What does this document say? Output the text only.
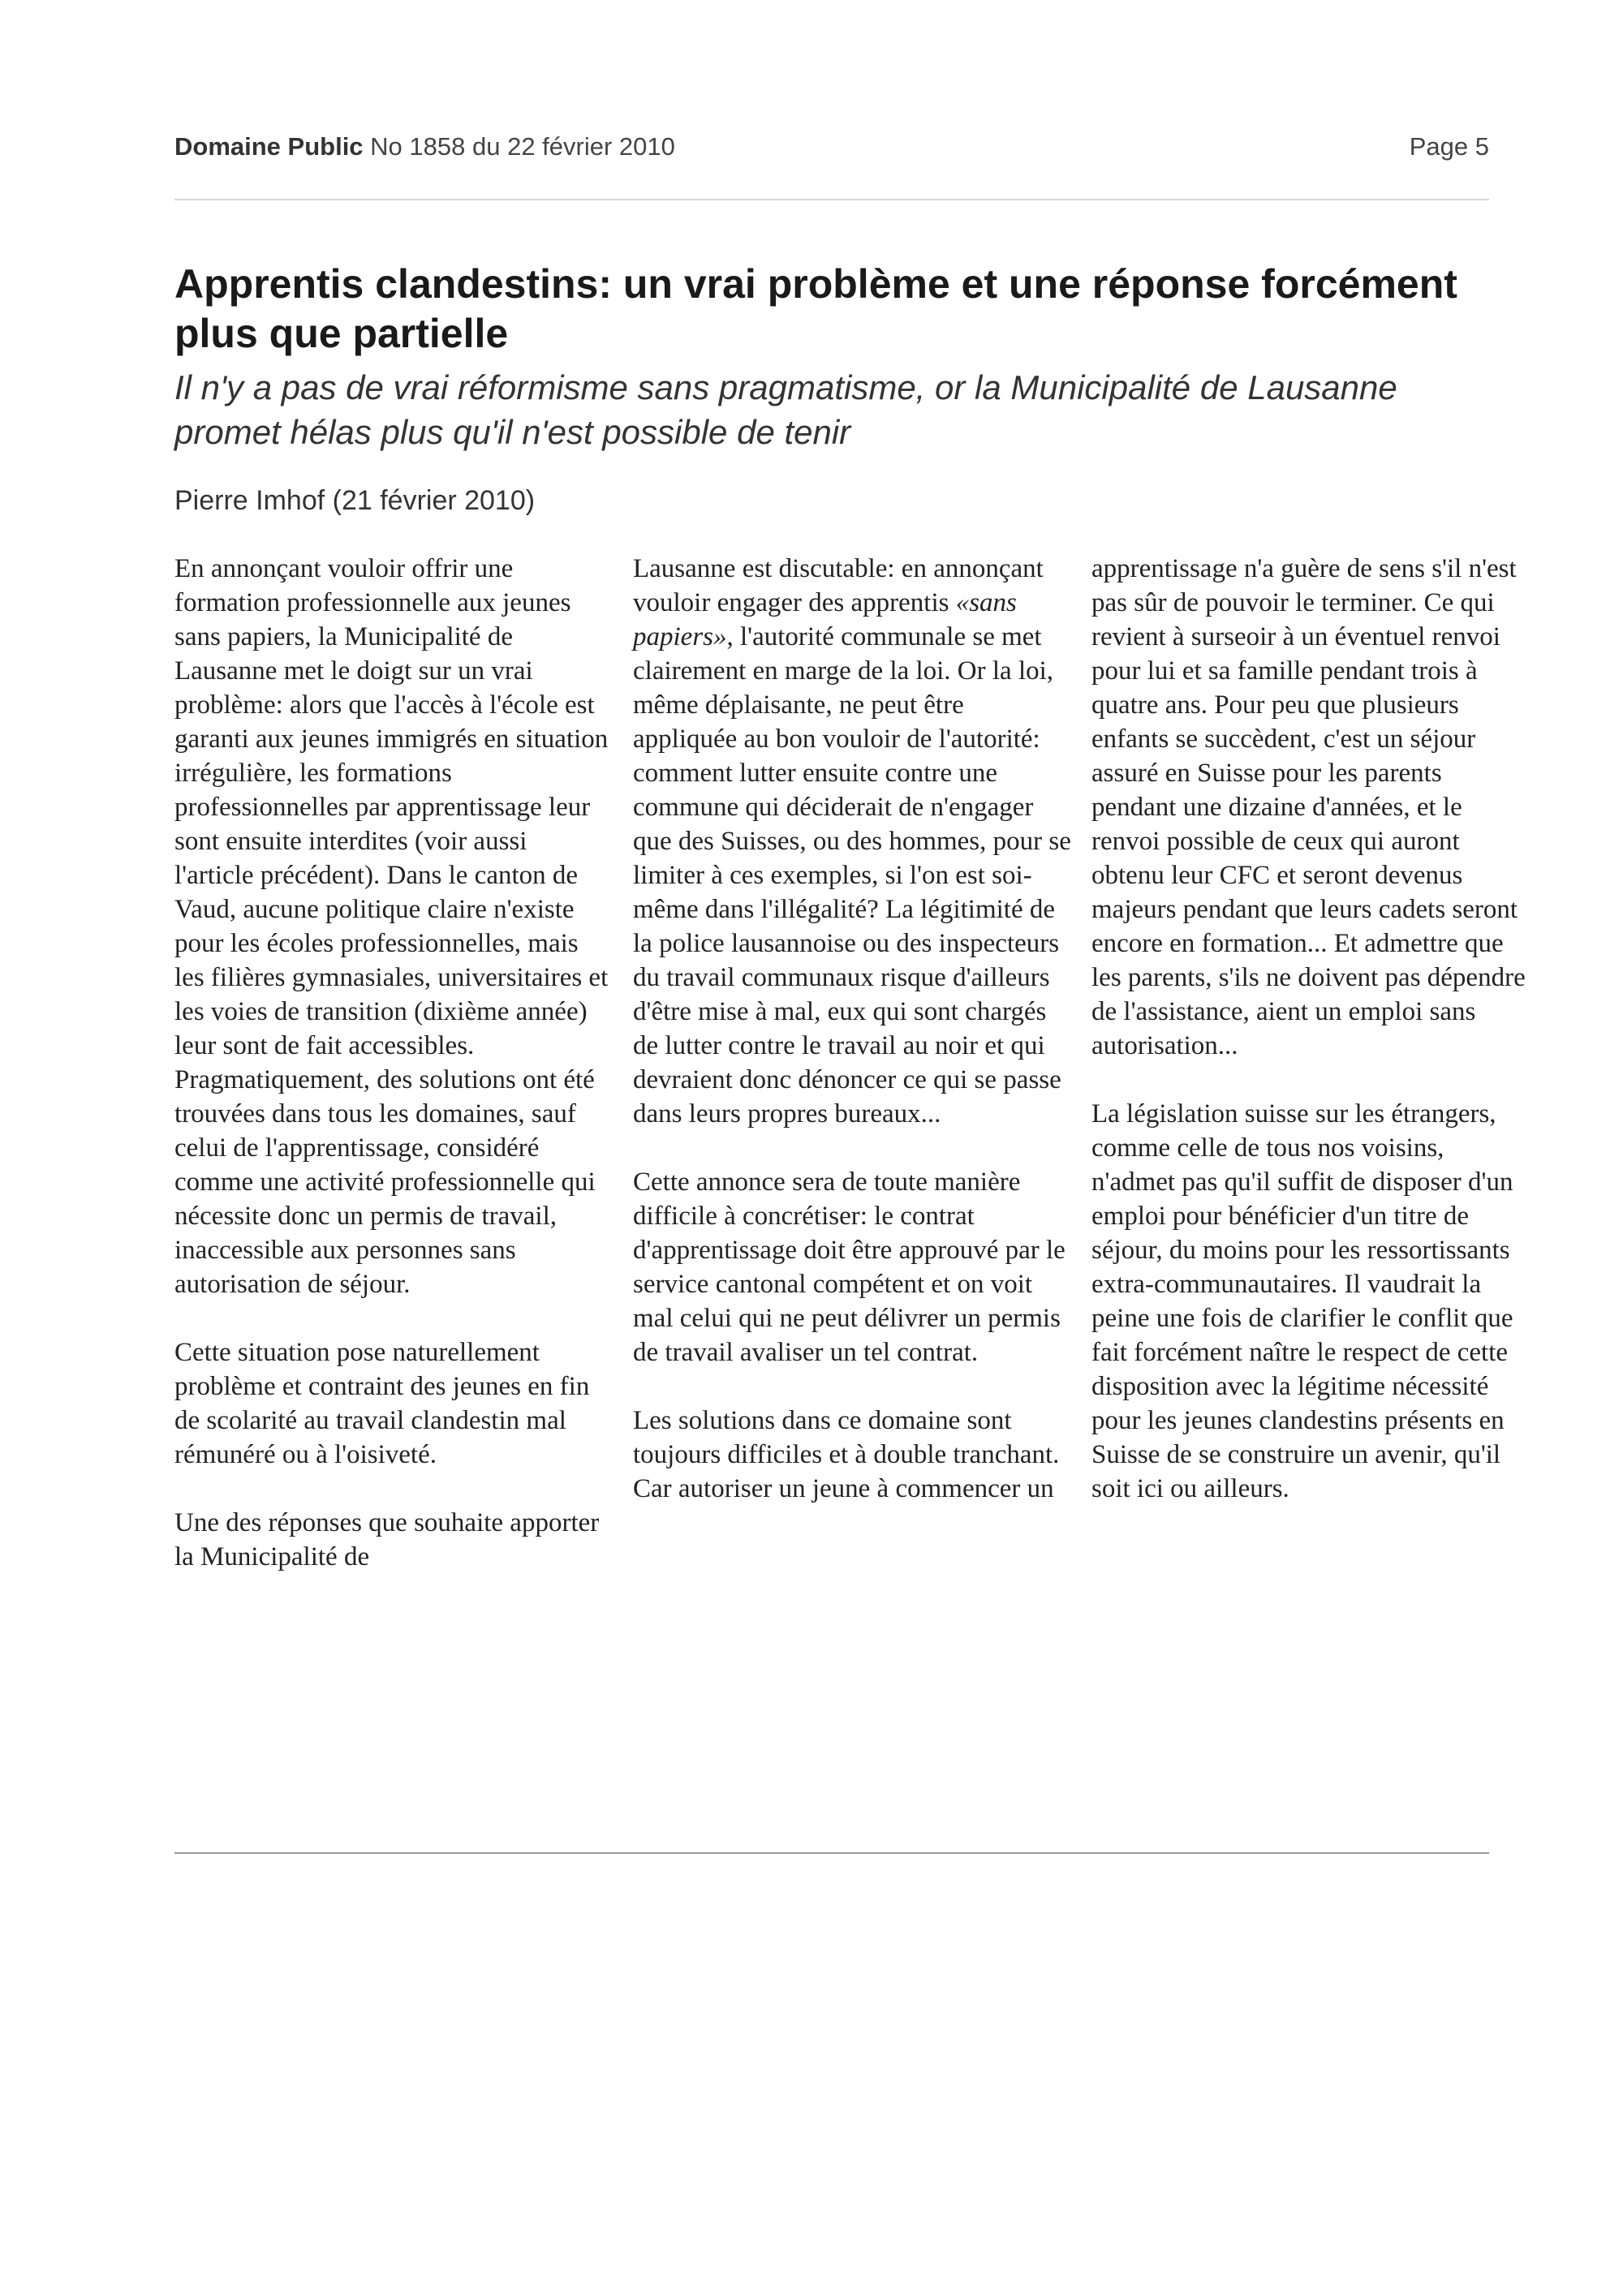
Domaine Public No 1858 du 22 février 2010	Page 5
Apprentis clandestins: un vrai problème et une réponse forcément plus que partielle

Il n'y a pas de vrai réformisme sans pragmatisme, or la Municipalité de Lausanne promet hélas plus qu'il n'est possible de tenir

Pierre Imhof (21 février 2010)

En annonçant vouloir offrir une formation professionnelle aux jeunes sans papiers, la Municipalité de Lausanne met le doigt sur un vrai problème: alors que l'accès à l'école est garanti aux jeunes immigrés en situation irrégulière, les formations professionnelles par apprentissage leur sont ensuite interdites (voir aussi l'article précédent). Dans le canton de Vaud, aucune politique claire n'existe pour les écoles professionnelles, mais les filières gymnasiales, universitaires et les voies de transition (dixième année) leur sont de fait accessibles. Pragmatiquement, des solutions ont été trouvées dans tous les domaines, sauf celui de l'apprentissage, considéré comme une activité professionnelle qui nécessite donc un permis de travail, inaccessible aux personnes sans autorisation de séjour.

Cette situation pose naturellement problème et contraint des jeunes en fin de scolarité au travail clandestin mal rémunéré ou à l'oisiveté.

Une des réponses que souhaite apporter la Municipalité de

Lausanne est discutable: en annonçant vouloir engager des apprentis «sans papiers», l'autorité communale se met clairement en marge de la loi. Or la loi, même déplaisante, ne peut être appliquée au bon vouloir de l'autorité: comment lutter ensuite contre une commune qui déciderait de n'engager que des Suisses, ou des hommes, pour se limiter à ces exemples, si l'on est soi-même dans l'illégalité? La légitimité de la police lausannoise ou des inspecteurs du travail communaux risque d'ailleurs d'être mise à mal, eux qui sont chargés de lutter contre le travail au noir et qui devraient donc dénoncer ce qui se passe dans leurs propres bureaux...

Cette annonce sera de toute manière difficile à concrétiser: le contrat d'apprentissage doit être approuvé par le service cantonal compétent et on voit mal celui qui ne peut délivrer un permis de travail avaliser un tel contrat.

Les solutions dans ce domaine sont toujours difficiles et à double tranchant. Car autoriser un jeune à commencer un

apprentissage n'a guère de sens s'il n'est pas sûr de pouvoir le terminer. Ce qui revient à surseoir à un éventuel renvoi pour lui et sa famille pendant trois à quatre ans. Pour peu que plusieurs enfants se succèdent, c'est un séjour assuré en Suisse pour les parents pendant une dizaine d'années, et le renvoi possible de ceux qui auront obtenu leur CFC et seront devenus majeurs pendant que leurs cadets seront encore en formation... Et admettre que les parents, s'ils ne doivent pas dépendre de l'assistance, aient un emploi sans autorisation...

La législation suisse sur les étrangers, comme celle de tous nos voisins, n'admet pas qu'il suffit de disposer d'un emploi pour bénéficier d'un titre de séjour, du moins pour les ressortissants extra-communautaires. Il vaudrait la peine une fois de clarifier le conflit que fait forcément naître le respect de cette disposition avec la légitime nécessité pour les jeunes clandestins présents en Suisse de se construire un avenir, qu'il soit ici ou ailleurs.
